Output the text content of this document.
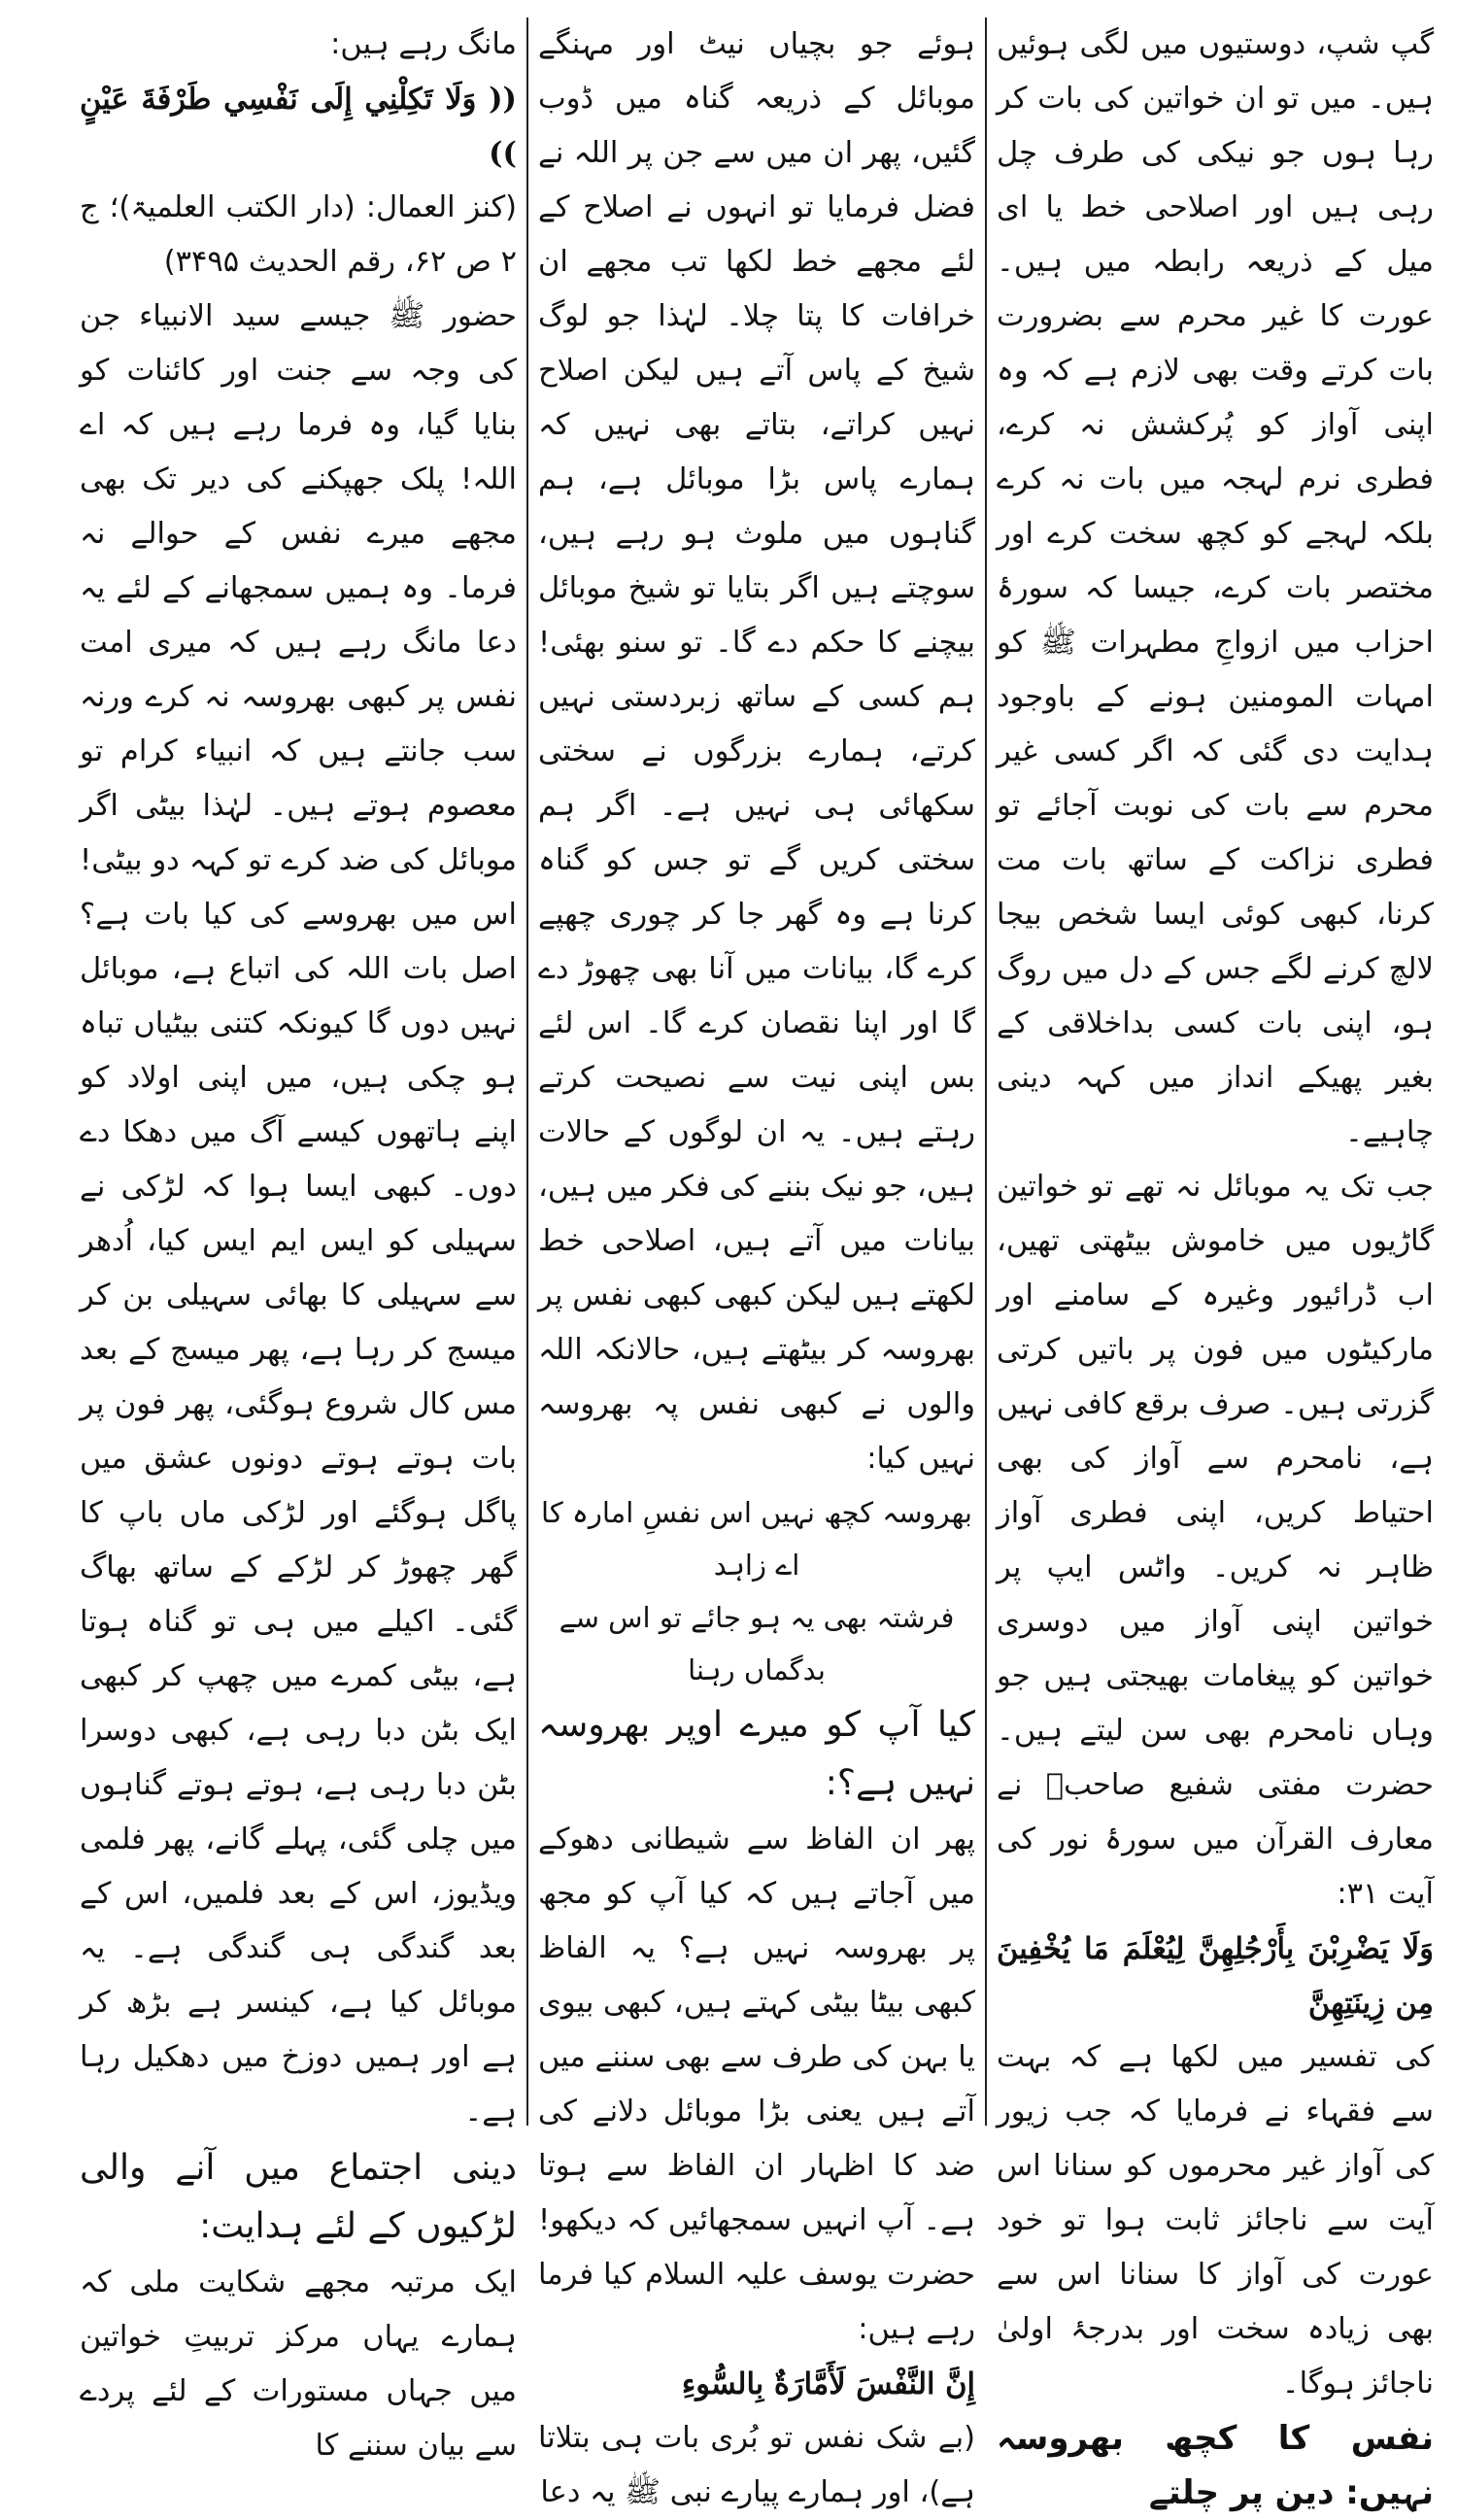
گپ شپ، دوستیوں میں لگی ہوئیں ہیں۔ میں تو ان خواتین کی بات کر رہا ہوں جو نیکی کی طرف چل رہی ہیں اور اصلاحی خط یا ای میل کے ذریعہ رابطہ میں ہیں۔ عورت کا غیر محرم سے بضرورت بات کرتے وقت بھی لازم ہے کہ وہ اپنی آواز کو پُرکشش نہ کرے، فطری نرم لہجہ میں بات نہ کرے بلکہ لہجے کو کچھ سخت کرے اور مختصر بات کرے، جیسا کہ سورۂ احزاب میں ازواجِ مطہرات ﷺ کو امہات المومنین ہونے کے باوجود ہدایت دی گئی کہ اگر کسی غیر محرم سے بات کی نوبت آجائے تو فطری نزاکت کے ساتھ بات مت کرنا، کبھی کوئی ایسا شخص بیجا لالچ کرنے لگے جس کے دل میں روگ ہو، اپنی بات کسی بداخلاقی کے بغیر پھیکے انداز میں کہہ دینی چاہیے۔

جب تک یہ موبائل نہ تھے تو خواتین گاڑیوں میں خاموش بیٹھتی تھیں، اب ڈرائیور وغیرہ کے سامنے اور مارکیٹوں میں فون پر باتیں کرتی گزرتی ہیں۔ صرف برقع کافی نہیں ہے، نامحرم سے آواز کی بھی احتیاط کریں، اپنی فطری آواز ظاہر نہ کریں۔ واٹس ایپ پر خواتین اپنی آواز میں دوسری خواتین کو پیغامات بھیجتی ہیں جو وہاں نامحرم بھی سن لیتے ہیں۔ حضرت مفتی شفیع صاحبؒ نے معارف القرآن میں سورۂ نور کی آیت ۳۱:

وَلَا يَضْرِبْنَ بِأَرْجُلِهِنَّ لِيُعْلَمَ مَا يُخْفِينَ مِن زِينَتِهِنَّ

کی تفسیر میں لکھا ہے کہ بہت سے فقہاء نے فرمایا کہ جب زیور کی آواز غیر محرموں کو سنانا اس آیت سے ناجائز ثابت ہوا تو خود عورت کی آواز کا سنانا اس سے بھی زیادہ سخت اور بدرجۂ اولیٰ ناجائز ہوگا۔

نفس کا کچھ بھروسہ نہیں: دین پر چلتے

ہوئے جو بچیاں نیٹ اور مہنگے موبائل کے ذریعہ گناہ میں ڈوب گئیں، پھر ان میں سے جن پر اللہ نے فضل فرمایا تو انہوں نے اصلاح کے لئے مجھے خط لکھا تب مجھے ان خرافات کا پتا چلا۔ لہٰذا جو لوگ شیخ کے پاس آتے ہیں لیکن اصلاح نہیں کراتے، بتاتے بھی نہیں کہ ہمارے پاس بڑا موبائل ہے، ہم گناہوں میں ملوث ہو رہے ہیں، سوچتے ہیں اگر بتایا تو شیخ موبائل بیچنے کا حکم دے گا۔ تو سنو بھئی! ہم کسی کے ساتھ زبردستی نہیں کرتے، ہمارے بزرگوں نے سختی سکھائی ہی نہیں ہے۔ اگر ہم سختی کریں گے تو جس کو گناہ کرنا ہے وہ گھر جا کر چوری چھپے کرے گا، بیانات میں آنا بھی چھوڑ دے گا اور اپنا نقصان کرے گا۔ اس لئے بس اپنی نیت سے نصیحت کرتے رہتے ہیں۔ یہ ان لوگوں کے حالات ہیں، جو نیک بننے کی فکر میں ہیں، بیانات میں آتے ہیں، اصلاحی خط لکھتے ہیں لیکن کبھی کبھی نفس پر بھروسہ کر بیٹھتے ہیں، حالانکہ اللہ والوں نے کبھی نفس پہ بھروسہ نہیں کیا:

بھروسہ کچھ نہیں اس نفسِ امارہ کا اے زاہد

فرشتہ بھی یہ ہو جائے تو اس سے بدگماں رہنا

کیا آپ کو میرے اوپر بھروسہ نہیں ہے؟:

پھر ان الفاظ سے شیطانی دھوکے میں آجاتے ہیں کہ کیا آپ کو مجھ پر بھروسہ نہیں ہے؟ یہ الفاظ کبھی بیٹا بیٹی کہتے ہیں، کبھی بیوی یا بہن کی طرف سے بھی سننے میں آتے ہیں یعنی بڑا موبائل دلانے کی ضد کا اظہار ان الفاظ سے ہوتا ہے۔ آپ انہیں سمجھائیں کہ دیکھو! حضرت یوسف علیہ السلام کیا فرما رہے ہیں:

إِنَّ النَّفْسَ لَأَمَّارَةٌ بِالسُّوءِ

(بے شک نفس تو بُری بات ہی بتلاتا ہے)، اور ہمارے پیارے نبی ﷺ یہ دعا

مانگ رہے ہیں:

(( وَلَا تَكِلْنِي إِلَى نَفْسِي طَرْفَةَ عَيْنٍ ))

(کنز العمال: (دار الکتب العلمیۃ)؛ ج ۲ ص ۶۲، رقم الحدیث ۳۴۹۵)

حضور ﷺ جیسے سید الانبیاء جن کی وجہ سے جنت اور کائنات کو بنایا گیا، وہ فرما رہے ہیں کہ اے اللہ! پلک جھپکنے کی دیر تک بھی مجھے میرے نفس کے حوالے نہ فرما۔ وہ ہمیں سمجھانے کے لئے یہ دعا مانگ رہے ہیں کہ میری امت نفس پر کبھی بھروسہ نہ کرے ورنہ سب جانتے ہیں کہ انبیاء کرام تو معصوم ہوتے ہیں۔ لہٰذا بیٹی اگر موبائل کی ضد کرے تو کہہ دو بیٹی! اس میں بھروسے کی کیا بات ہے؟ اصل بات اللہ کی اتباع ہے، موبائل نہیں دوں گا کیونکہ کتنی بیٹیاں تباہ ہو چکی ہیں، میں اپنی اولاد کو اپنے ہاتھوں کیسے آگ میں دھکا دے دوں۔ کبھی ایسا ہوا کہ لڑکی نے سہیلی کو ایس ایم ایس کیا، اُدھر سے سہیلی کا بھائی سہیلی بن کر میسج کر رہا ہے، پھر میسج کے بعد مس کال شروع ہوگئی، پھر فون پر بات ہوتے ہوتے دونوں عشق میں پاگل ہوگئے اور لڑکی ماں باپ کا گھر چھوڑ کر لڑکے کے ساتھ بھاگ گئی۔ اکیلے میں ہی تو گناہ ہوتا ہے، بیٹی کمرے میں چھپ کر کبھی ایک بٹن دبا رہی ہے، کبھی دوسرا بٹن دبا رہی ہے، ہوتے ہوتے گناہوں میں چلی گئی، پہلے گانے، پھر فلمی ویڈیوز، اس کے بعد فلمیں، اس کے بعد گندگی ہی گندگی ہے۔ یہ موبائل کیا ہے، کینسر ہے بڑھ کر ہے اور ہمیں دوزخ میں دھکیل رہا ہے۔

دینی اجتماع میں آنے والی لڑکیوں کے لئے ہدایت:

ایک مرتبہ مجھے شکایت ملی کہ ہمارے یہاں مرکز تربیتِ خواتین میں جہاں مستورات کے لئے پردے سے بیان سننے کا
